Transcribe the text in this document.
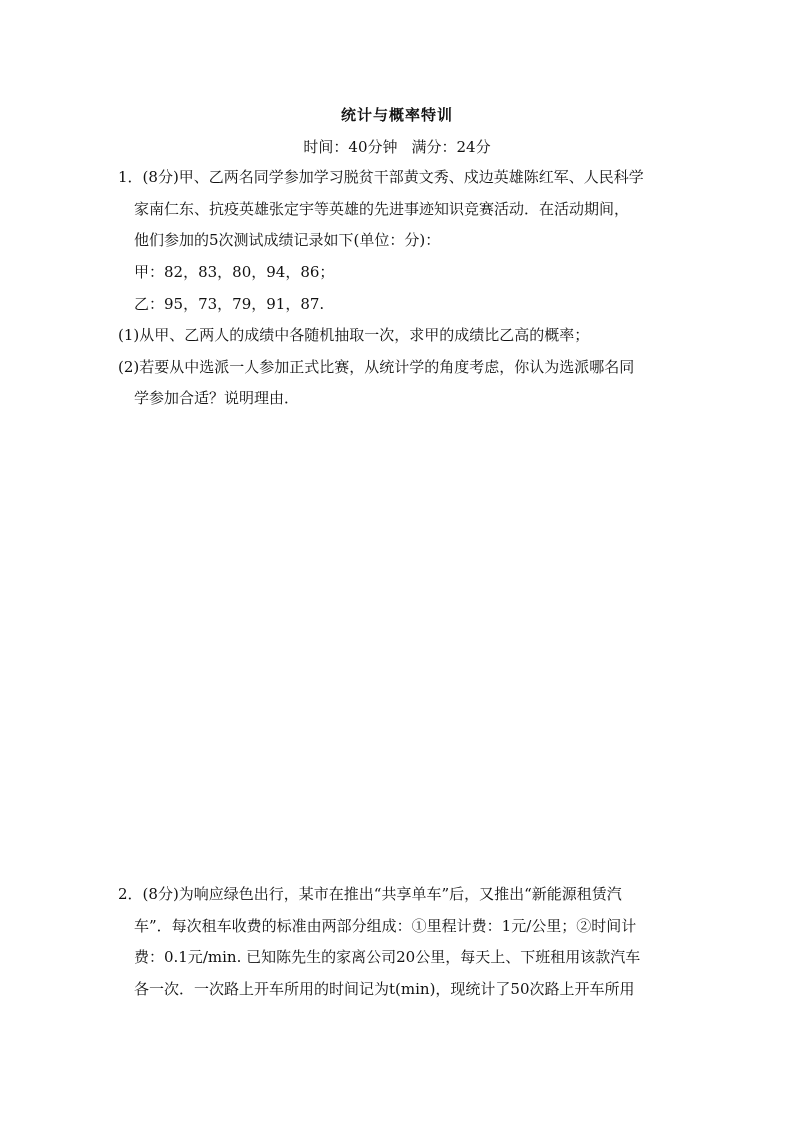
统计与概率特训
时间：40分钟 满分：24分
1．(8分)甲、乙两名同学参加学习脱贫干部黄文秀、戍边英雄陈红军、人民科学
家南仁东、抗疫英雄张定宇等英雄的先进事迹知识竞赛活动．在活动期间，
他们参加的5次测试成绩记录如下(单位：分)：
甲：82，83，80，94，86；
乙：95，73，79，91，87.
(1)从甲、乙两人的成绩中各随机抽取一次，求甲的成绩比乙高的概率；
(2)若要从中选派一人参加正式比赛，从统计学的角度考虑，你认为选派哪名同
学参加合适？说明理由．
2．(8分)为响应绿色出行，某市在推出“共享单车”后，又推出“新能源租赁汽
车”．每次租车收费的标准由两部分组成：①里程计费：1元/公里；②时间计
费：0.1元/min. 已知陈先生的家离公司20公里，每天上、下班租用该款汽车
各一次．一次路上开车所用的时间记为t(min)，现统计了50次路上开车所用
